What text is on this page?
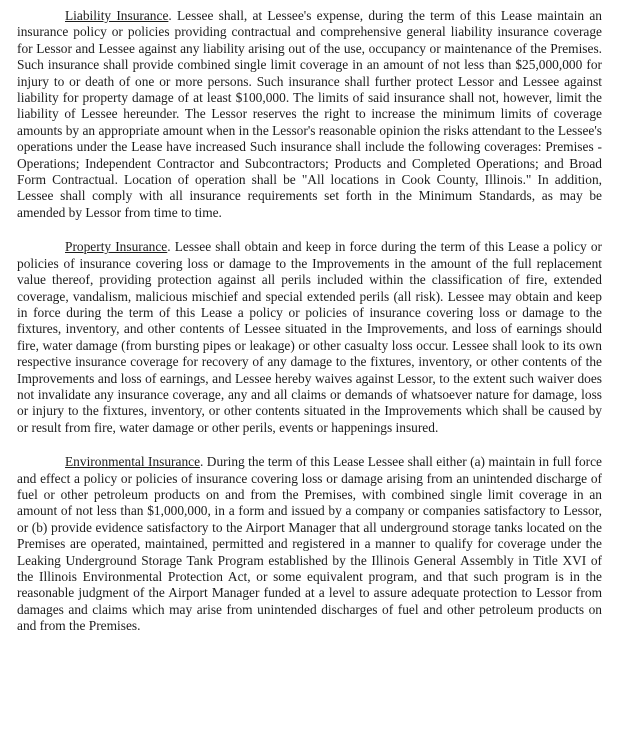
Liability Insurance. Lessee shall, at Lessee's expense, during the term of this Lease maintain an insurance policy or policies providing contractual and comprehensive general liability insurance coverage for Lessor and Lessee against any liability arising out of the use, occupancy or maintenance of the Premises. Such insurance shall provide combined single limit coverage in an amount of not less than $25,000,000 for injury to or death of one or more persons. Such insurance shall further protect Lessor and Lessee against liability for property damage of at least $100,000. The limits of said insurance shall not, however, limit the liability of Lessee hereunder. The Lessor reserves the right to increase the minimum limits of coverage amounts by an appropriate amount when in the Lessor's reasonable opinion the risks attendant to the Lessee's operations under the Lease have increased Such insurance shall include the following coverages: Premises - Operations; Independent Contractor and Subcontractors; Products and Completed Operations; and Broad Form Contractual. Location of operation shall be "All locations in Cook County, Illinois." In addition, Lessee shall comply with all insurance requirements set forth in the Minimum Standards, as may be amended by Lessor from time to time.

Property Insurance. Lessee shall obtain and keep in force during the term of this Lease a policy or policies of insurance covering loss or damage to the Improvements in the amount of the full replacement value thereof, providing protection against all perils included within the classification of fire, extended coverage, vandalism, malicious mischief and special extended perils (all risk). Lessee may obtain and keep in force during the term of this Lease a policy or policies of insurance covering loss or damage to the fixtures, inventory, and other contents of Lessee situated in the Improvements, and loss of earnings should fire, water damage (from bursting pipes or leakage) or other casualty loss occur. Lessee shall look to its own respective insurance coverage for recovery of any damage to the fixtures, inventory, or other contents of the Improvements and loss of earnings, and Lessee hereby waives against Lessor, to the extent such waiver does not invalidate any insurance coverage, any and all claims or demands of whatsoever nature for damage, loss or injury to the fixtures, inventory, or other contents situated in the Improvements which shall be caused by or result from fire, water damage or other perils, events or happenings insured.

Environmental Insurance. During the term of this Lease Lessee shall either (a) maintain in full force and effect a policy or policies of insurance covering loss or damage arising from an unintended discharge of fuel or other petroleum products on and from the Premises, with combined single limit coverage in an amount of not less than $1,000,000, in a form and issued by a company or companies satisfactory to Lessor, or (b) provide evidence satisfactory to the Airport Manager that all underground storage tanks located on the Premises are operated, maintained, permitted and registered in a manner to qualify for coverage under the Leaking Underground Storage Tank Program established by the Illinois General Assembly in Title XVI of the Illinois Environmental Protection Act, or some equivalent program, and that such program is in the reasonable judgment of the Airport Manager funded at a level to assure adequate protection to Lessor from damages and claims which may arise from unintended discharges of fuel and other petroleum products on and from the Premises.
